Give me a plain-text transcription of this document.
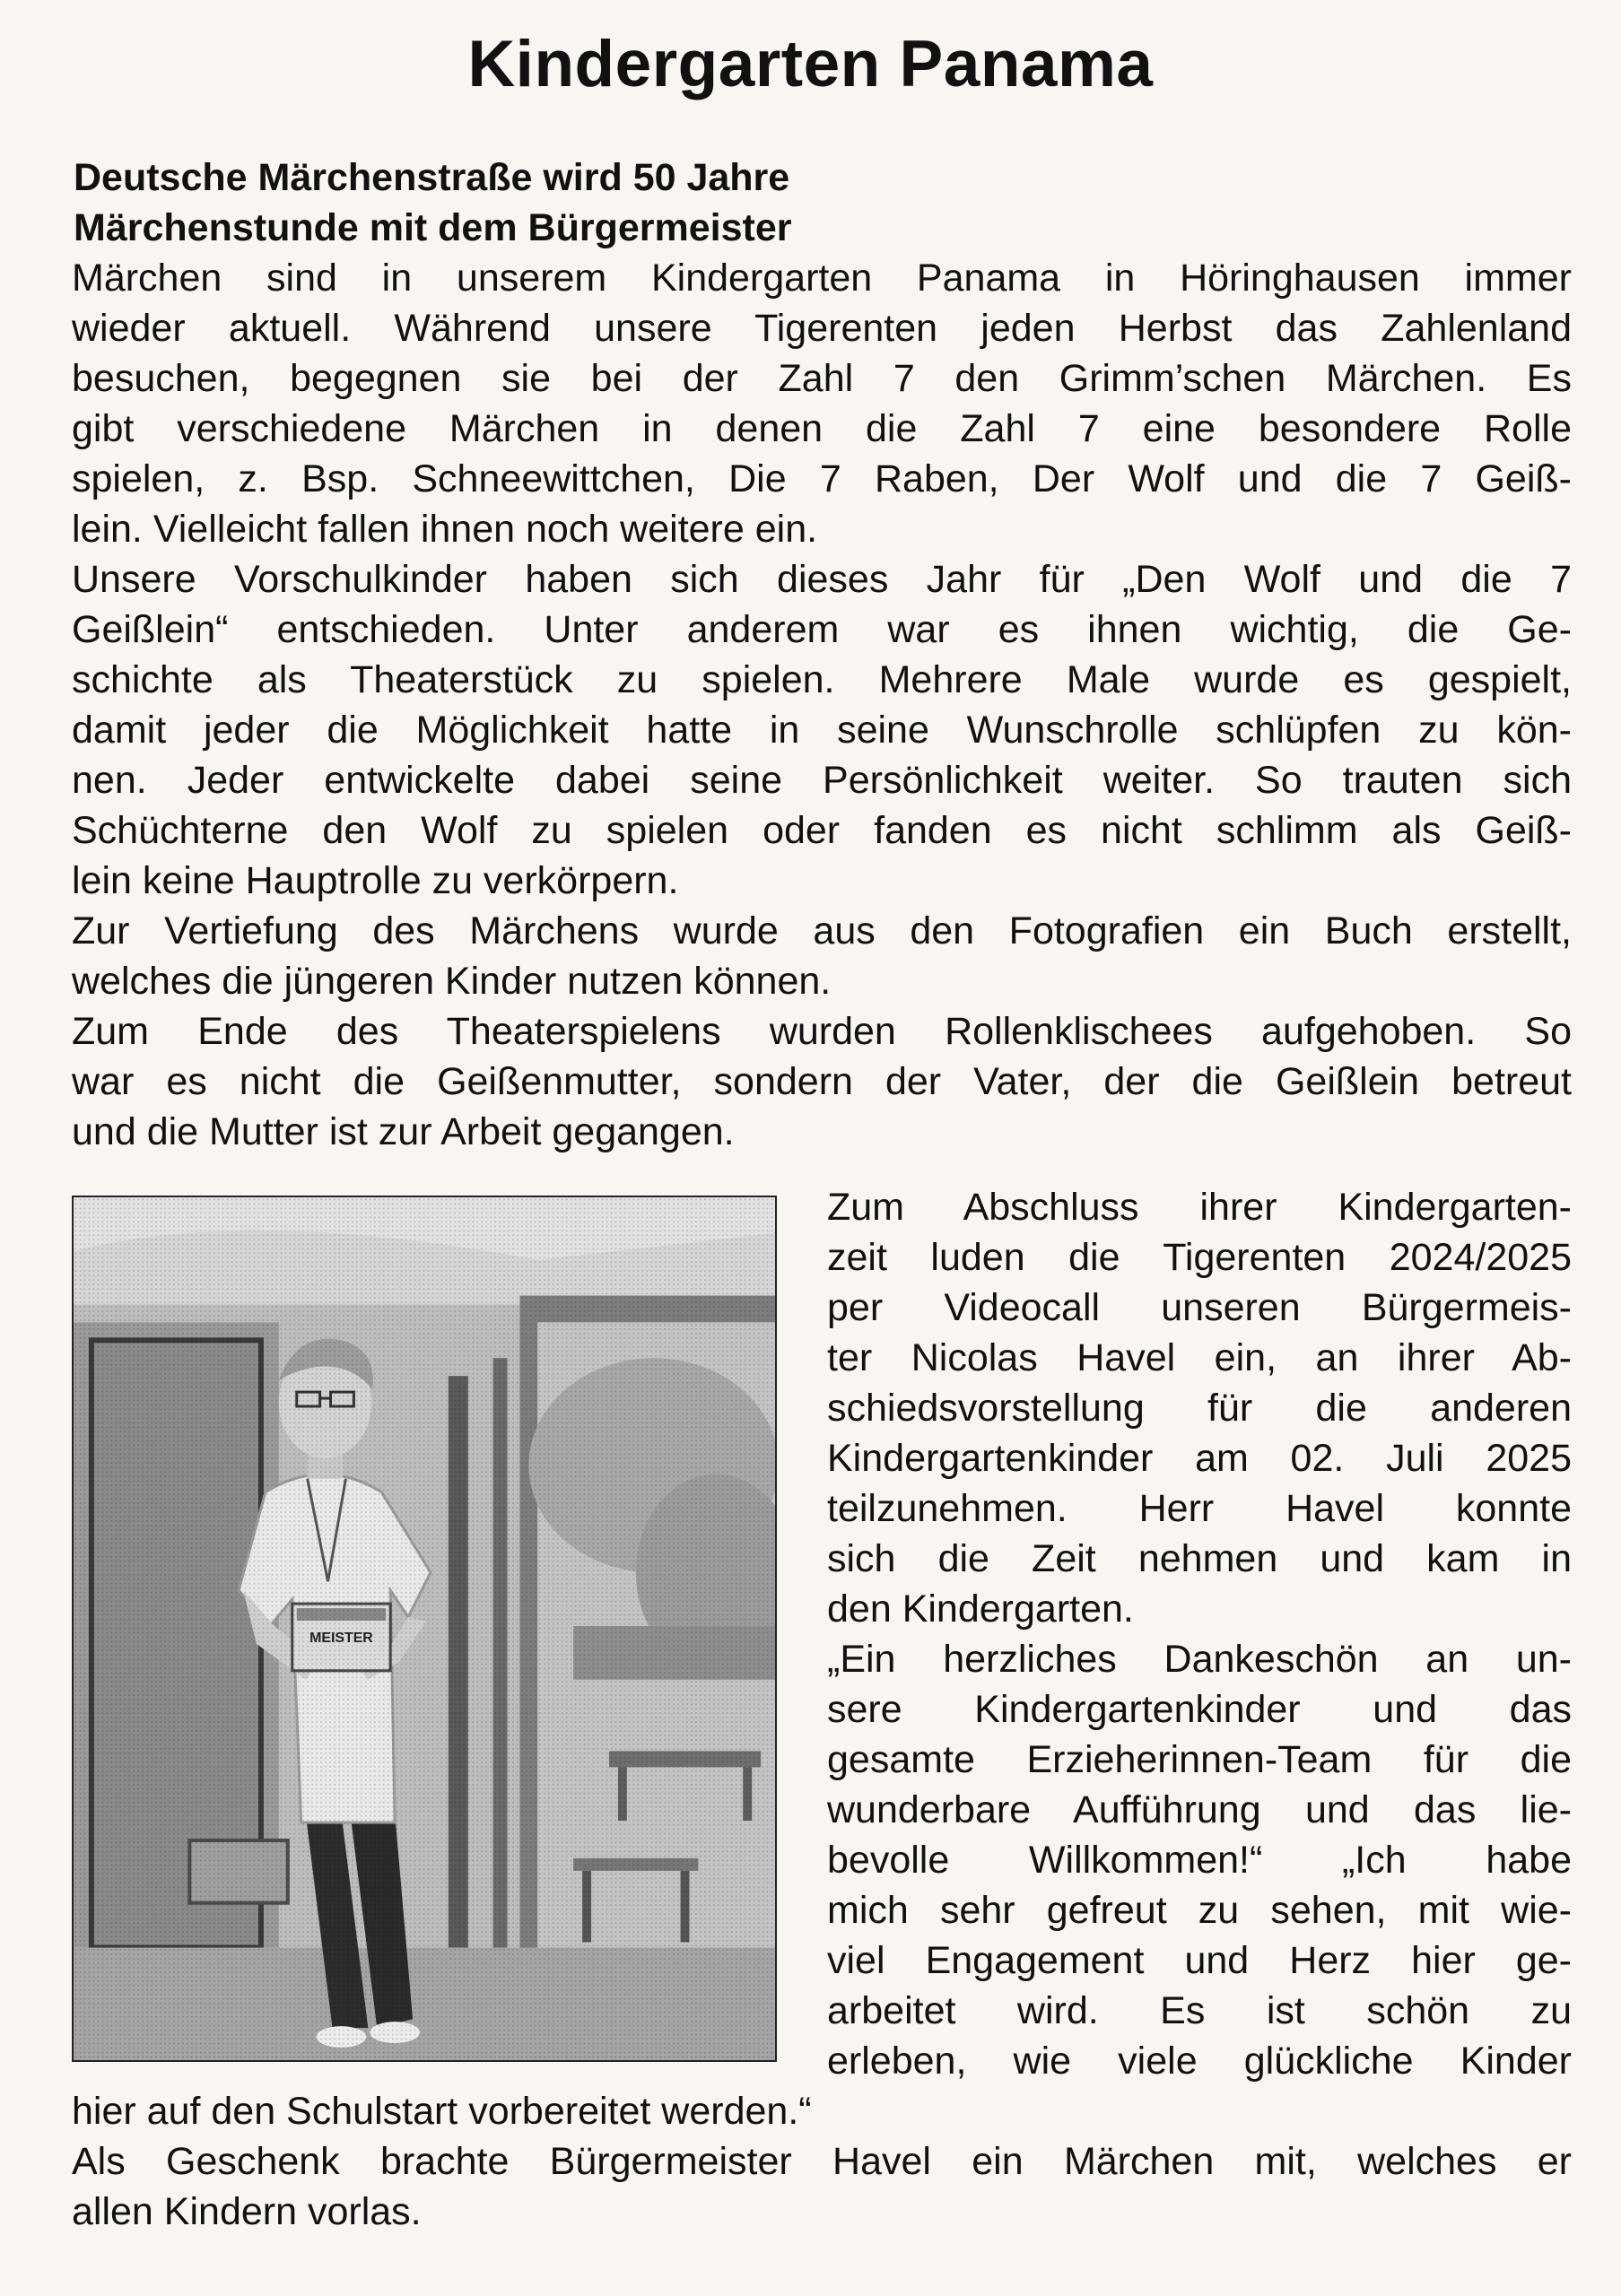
Kindergarten Panama
Deutsche Märchenstraße wird 50 Jahre
Märchenstunde mit dem Bürgermeister
Märchen sind in unserem Kindergarten Panama in Höringhausen immer
wieder aktuell. Während unsere Tigerenten jeden Herbst das Zahlenland
besuchen, begegnen sie bei der Zahl 7 den Grimm’schen Märchen. Es
gibt verschiedene Märchen in denen die Zahl 7 eine besondere Rolle
spielen, z. Bsp. Schneewittchen, Die 7 Raben, Der Wolf und die 7 Geiß-
lein. Vielleicht fallen ihnen noch weitere ein.
Unsere Vorschulkinder haben sich dieses Jahr für „Den Wolf und die 7
Geißlein“ entschieden. Unter anderem war es ihnen wichtig, die Ge-
schichte als Theaterstück zu spielen. Mehrere Male wurde es gespielt,
damit jeder die Möglichkeit hatte in seine Wunschrolle schlüpfen zu kön-
nen. Jeder entwickelte dabei seine Persönlichkeit weiter. So trauten sich
Schüchterne den Wolf zu spielen oder fanden es nicht schlimm als Geiß-
lein keine Hauptrolle zu verkörpern.
Zur Vertiefung des Märchens wurde aus den Fotografien ein Buch erstellt,
welches die jüngeren Kinder nutzen können.
Zum Ende des Theaterspielens wurden Rollenklischees aufgehoben. So
war es nicht die Geißenmutter, sondern der Vater, der die Geißlein betreut
und die Mutter ist zur Arbeit gegangen.
Zum Abschluss ihrer Kindergarten-
zeit luden die Tigerenten 2024/2025
per Videocall unseren Bürgermeis-
ter Nicolas Havel ein, an ihrer Ab-
schiedsvorstellung für die anderen
Kindergartenkinder am 02. Juli 2025
teilzunehmen. Herr Havel konnte
sich die Zeit nehmen und kam in
den Kindergarten.
„Ein herzliches Dankeschön an un-
sere Kindergartenkinder und das
gesamte Erzieherinnen-Team für die
wunderbare Aufführung und das lie-
bevolle Willkommen!“ „Ich habe
mich sehr gefreut zu sehen, mit wie-
viel Engagement und Herz hier ge-
arbeitet wird. Es ist schön zu
erleben, wie viele glückliche Kinder
hier auf den Schulstart vorbereitet werden.“
Als Geschenk brachte Bürgermeister Havel ein Märchen mit, welches er
allen Kindern vorlas.
